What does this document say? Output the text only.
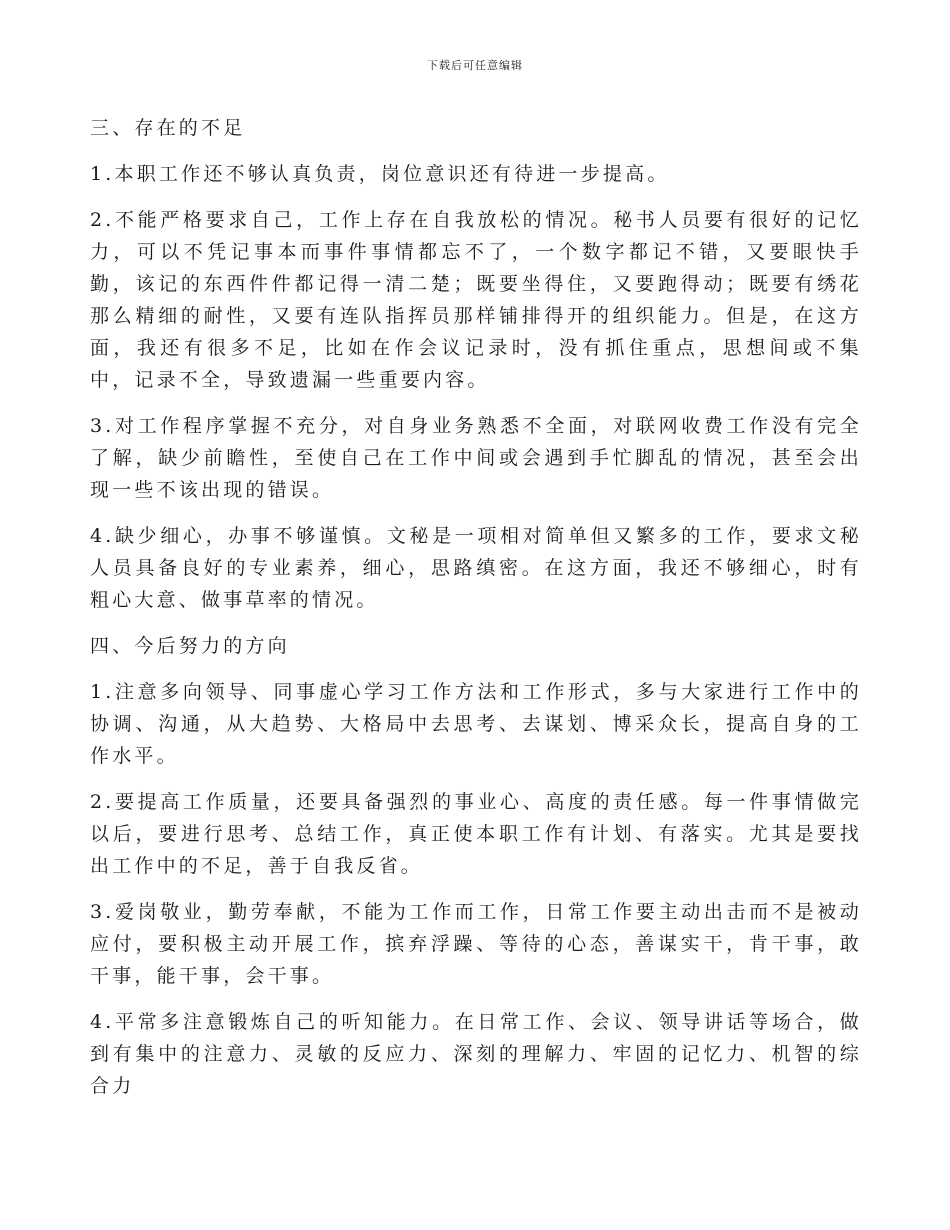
下载后可任意编辑

三、存在的不足

1.本职工作还不够认真负责，岗位意识还有待进一步提高。

2.不能严格要求自己，工作上存在自我放松的情况。秘书人员要有很好的记忆力，可以不凭记事本而事件事情都忘不了，一个数字都记不错，又要眼快手勤，该记的东西件件都记得一清二楚；既要坐得住，又要跑得动；既要有绣花那么精细的耐性，又要有连队指挥员那样铺排得开的组织能力。但是，在这方面，我还有很多不足，比如在作会议记录时，没有抓住重点，思想间或不集中，记录不全，导致遗漏一些重要内容。

3.对工作程序掌握不充分，对自身业务熟悉不全面，对联网收费工作没有完全了解，缺少前瞻性，至使自己在工作中间或会遇到手忙脚乱的情况，甚至会出现一些不该出现的错误。

4.缺少细心，办事不够谨慎。文秘是一项相对简单但又繁多的工作，要求文秘人员具备良好的专业素养，细心，思路缜密。在这方面，我还不够细心，时有粗心大意、做事草率的情况。

四、今后努力的方向

1.注意多向领导、同事虚心学习工作方法和工作形式，多与大家进行工作中的协调、沟通，从大趋势、大格局中去思考、去谋划、博采众长，提高自身的工作水平。

2.要提高工作质量，还要具备强烈的事业心、高度的责任感。每一件事情做完以后，要进行思考、总结工作，真正使本职工作有计划、有落实。尤其是要找出工作中的不足，善于自我反省。

3.爱岗敬业，勤劳奉献，不能为工作而工作，日常工作要主动出击而不是被动应付，要积极主动开展工作，摈弃浮躁、等待的心态，善谋实干，肯干事，敢干事，能干事，会干事。

4.平常多注意锻炼自己的听知能力。在日常工作、会议、领导讲话等场合，做到有集中的注意力、灵敏的反应力、深刻的理解力、牢固的记忆力、机智的综合力
